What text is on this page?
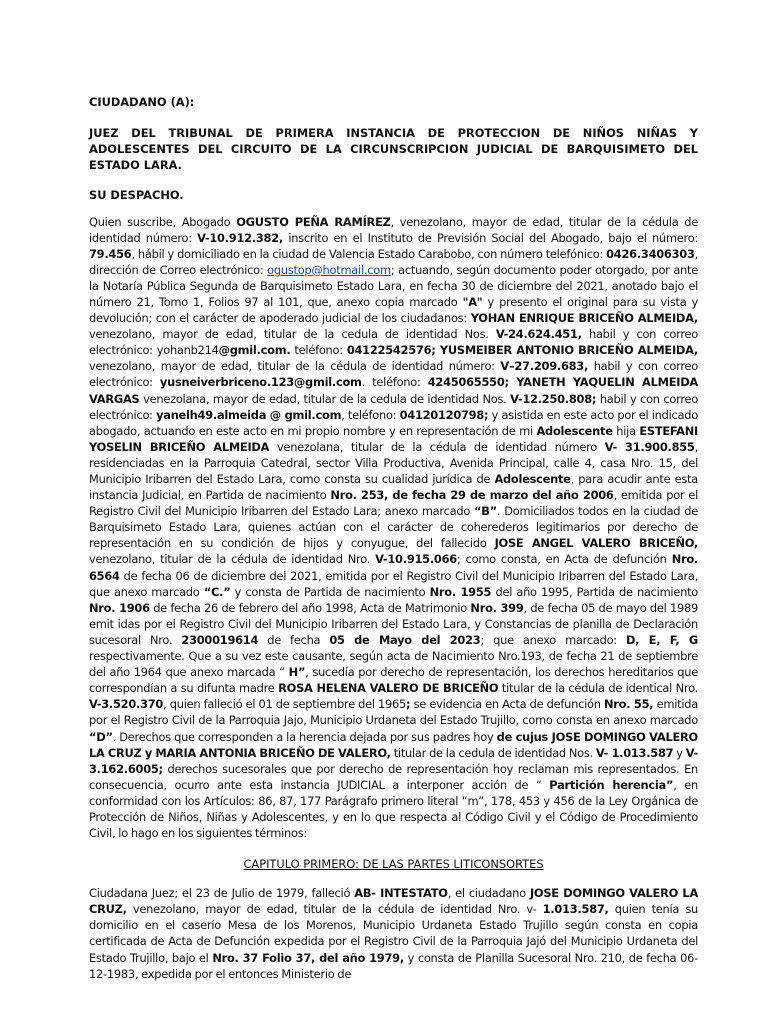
CIUDADANO (A):
JUEZ DEL TRIBUNAL DE PRIMERA INSTANCIA DE PROTECCION DE NIÑOS NIÑAS Y ADOLESCENTES DEL CIRCUITO DE LA CIRCUNSCRIPCION JUDICIAL DE BARQUISIMETO DEL ESTADO LARA.
SU DESPACHO.

Quien suscribe, Abogado OGUSTO PEÑA RAMÍREZ, venezolano, mayor de edad, titular de la cédula de identidad número: V-10.912.382, inscrito en el Instituto de Previsión Social del Abogado, bajo el número: 79.456, hábil y domiciliado en la ciudad de Valencia Estado Carabobo, con número telefónico: 0426.3406303, dirección de Correo electrónico: ogustop@hotmail.com; actuando, según documento poder otorgado, por ante la Notaría Pública Segunda de Barquisimeto Estado Lara, en fecha 30 de diciembre del 2021, anotado bajo el número 21, Tomo 1, Folios 97 al 101, que, anexo copia marcado "A" y presento el original para su vista y devolución; con el carácter de apoderado judicial de los ciudadanos: YOHAN ENRIQUE BRICEÑO ALMEIDA, venezolano, mayor de edad, titular de la cedula de identidad Nos. V-24.624.451, habil y con correo electrónico: yohanb214@gmil.com. teléfono: 04122542576; YUSMEIBER ANTONIO BRICEÑO ALMEIDA, venezolano, mayor de edad, titular de la cédula de identidad número: V–27.209.683, habil y con correo electrónico: yusneiverbriceno.123@gmil.com. teléfono: 4245065550; YANETH YAQUELIN ALMEIDA VARGAS venezolana, mayor de edad, titular de la cedula de identidad Nos. V-12.250.808; habil y con correo electrónico: yanelh49.almeida @ gmil.com, teléfono: 04120120798; y asistida en este acto por el indicado abogado, actuando en este acto en mi propio nombre y en representación de mi Adolescente hija ESTEFANI YOSELIN BRICEÑO ALMEIDA venezolana, titular de la cédula de identidad número V- 31.900.855, residenciadas en la Parroquia Catedral, sector Villa Productiva, Avenida Principal, calle 4, casa Nro. 15, del Municipio Iribarren del Estado Lara, como consta su cualidad jurídica de Adolescente, para acudir ante esta instancia Judicial, en Partida de nacimiento Nro. 253, de fecha 29 de marzo del año 2006, emitida por el Registro Civil del Municipio Iribarren del Estado Lara; anexo marcado “B”. Domiciliados todos en la ciudad de Barquisimeto Estado Lara, quienes actúan con el carácter de coherederos legitimarios por derecho de representación en su condición de hijos y conyugue, del fallecido JOSE ANGEL VALERO BRICEÑO, venezolano, titular de la cédula de identidad Nro. V-10.915.066; como consta, en Acta de defunción Nro. 6564 de fecha 06 de diciembre del 2021, emitida por el Registro Civil del Municipio Iribarren del Estado Lara, que anexo marcado “C.” y consta de Partida de nacimiento Nro. 1955 del año 1995, Partida de nacimiento Nro. 1906 de fecha 26 de febrero del año 1998, Acta de Matrimonio Nro. 399, de fecha 05 de mayo del 1989 emit idas por el Registro Civil del Municipio Iribarren del Estado Lara, y Constancias de planilla de Declaración sucesoral Nro. 2300019614 de fecha 05 de Mayo del 2023; que anexo marcado: D, E, F, G respectivamente. Que a su vez este causante, según acta de Nacimiento Nro.193, de fecha 21 de septiembre del año 1964 que anexo marcada “ H”, sucedía por derecho de representación, los derechos hereditarios que correspondían a su difunta madre ROSA HELENA VALERO DE BRICEÑO titular de la cédula de identical Nro. V-3.520.370, quien falleció el 01 de septiembre del 1965; se evidencia en Acta de defunción Nro. 55, emitida por el Registro Civil de la Parroquia Jajo, Municipio Urdaneta del Estado Trujillo, como consta en anexo marcado “D”. Derechos que corresponden a la herencia dejada por sus padres hoy de cujus JOSE DOMINGO VALERO LA CRUZ y MARIA ANTONIA BRICEÑO DE VALERO, titular de la cedula de identidad Nos. V- 1.013.587 y V- 3.162.6005; derechos sucesorales que por derecho de representación hoy reclaman mis representados. En consecuencia, ocurro ante esta instancia JUDICIAL a interponer acción de “ Partición herencia”, en conformidad con los Artículos: 86, 87, 177 Parágrafo primero literal “m”, 178, 453 y 456 de la Ley Orgánica de Protección de Niños, Niñas y Adolescentes, y en lo que respecta al Código Civil y el Código de Procedimiento Civil, lo hago en los siguientes términos:

CAPITULO PRIMERO: DE LAS PARTES LITICONSORTES

Ciudadana Juez; el 23 de Julio de 1979, falleció AB- INTESTATO, el ciudadano JOSE DOMINGO VALERO LA CRUZ, venezolano, mayor de edad, titular de la cédula de identidad Nro. v- 1.013.587, quien tenía su domicilio en el caserío Mesa de los Morenos, Municipio Urdaneta Estado Trujillo según consta en copia certificada de Acta de Defunción expedida por el Registro Civil de la Parroquia Jajó del Municipio Urdaneta del Estado Trujillo, bajo el Nro. 37 Folio 37, del año 1979, y consta de Planilla Sucesoral Nro. 210, de fecha 06-12-1983, expedida por el entonces Ministerio de
